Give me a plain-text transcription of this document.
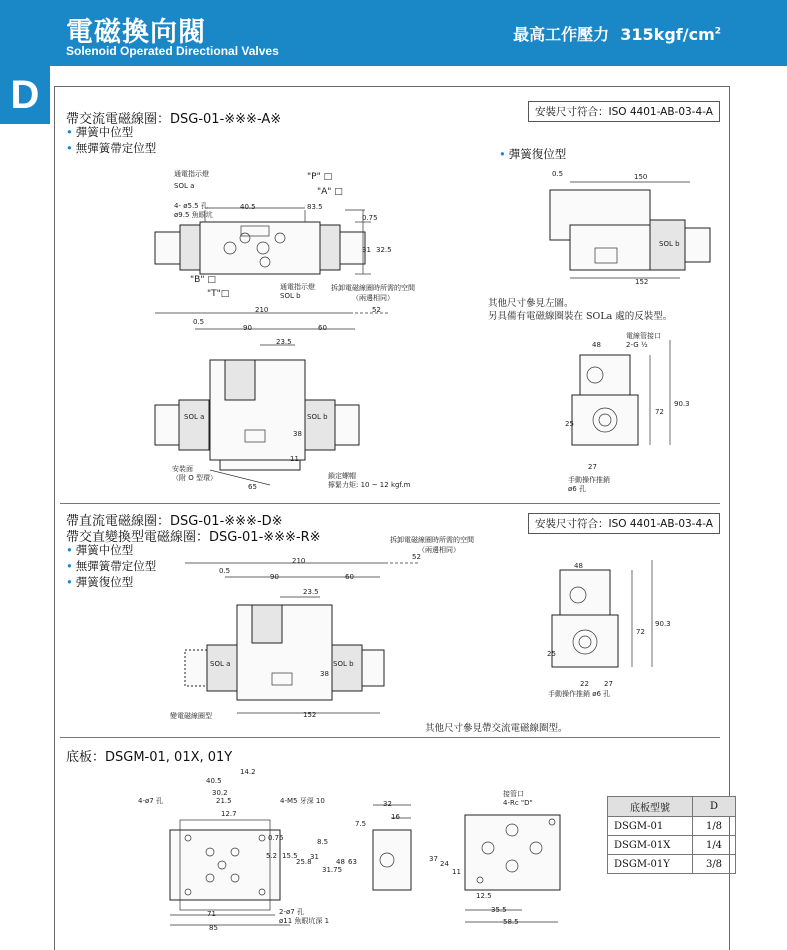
電磁換向閥
Solenoid Operated Directional Valves
最高工作壓力 $315kgf/cm^2$
D
帶交流電磁線圈：DSG-01-※※※-A※
• 彈簧中位型
• 無彈簧帶定位型
安裝尺寸符合：ISO 4401-AB-03-4-A
• 彈簧復位型
通電指示燈
SOL a
4- ø5.5 孔
ø9.5 魚眼坑
"P" □
"A" □
"B" □
"T"□
通電指示燈
SOL b
拆卸電磁線圈時所需的空間
（兩邊相同）
40.5	83.5
0.75
31 32.5
210	52
0.5
90	60
23.5
SOL a	SOL b
38
11
65
安裝面
（附 O 型環）	鎖定螺帽
擰緊力矩: 10 ~ 12 kgf.m
0.5	150
SOL b
152
其他尺寸參見左圖。
另具備有電磁線圈裝在 SOLa 處的反裝型。
48
電線管接口
2-G ½
72
90.3
25
27
手動操作推銷
ø6 孔
帶直流電磁線圈：DSG-01-※※※-D※
帶交直變換型電磁線圈：DSG-01-※※※-R※
• 彈簧中位型
• 無彈簧帶定位型
• 彈簧復位型
安裝尺寸符合：ISO 4401-AB-03-4-A
拆卸電磁線圈時所需的空間
（兩邊相同）
210	52
0.5
90	60
23.5
SOL a	SOL b
38
152
變電磁線圈型
其他尺寸參見帶交流電磁線圈型。
48
72
90.3
25
22 27
手動操作推銷 ø6 孔
底板：DSGM-01, 01X, 01Y
14.2
40.5
30.2
21.5
12.7
4-ø7 孔	4-M5 牙深 10
0.75
5.2 15.5
25.8
31
31.75
8.5
48 63
7.5
2-ø7 孔
ø11 魚眼坑深 1
71
85
32
16
接管口
4-Rc "D"
37
24
11
12.5
35.5
58.5
底板型號	D
DSGM-01	1/8
DSGM-01X	1/4
DSGM-01Y	3/8
